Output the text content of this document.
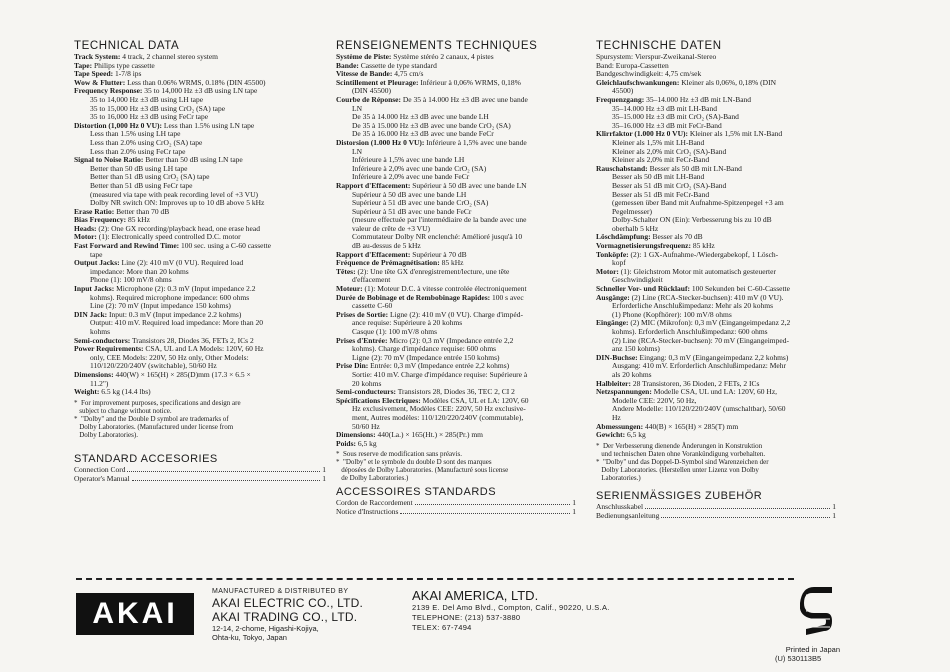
TECHNICAL DATA
Track System: 4 track, 2 channel stereo system
Tape: Philips type cassette
Tape Speed: 1-7/8 ips
Wow & Flutter: Less than 0.06% WRMS, 0.18% (DIN 45500)
Frequency Response: 35 to 14,000 Hz ±3 dB using LN tape
35 to 14,000 Hz ±3 dB using LH tape
35 to 15,000 Hz ±3 dB using CrO₂ (SA) tape
35 to 16,000 Hz ±3 dB using FeCr tape
Distortion (1,000 Hz 0 VU): Less than 1.5% using LN tape
Less than 1.5% using LH tape
Less than 2.0% using CrO₂ (SA) tape
Less than 2.0% using FeCr tape
Signal to Noise Ratio: Better than 50 dB using LN tape
Better than 50 dB using LH tape
Better than 51 dB using CrO₂ (SA) tape
Better than 51 dB using FeCr tape
(measured via tape with peak recording level of +3 VU)
Dolby NR switch ON: Improves up to 10 dB above 5 kHz
Erase Ratio: Better than 70 dB
Bias Frequency: 85 kHz
Heads: (2): One GX recording/playback head, one erase head
Motor: (1): Electronically speed controlled D.C. motor
Fast Forward and Rewind Time: 100 sec. using a C-60 cassette
tape
Output Jacks: Line (2): 410 mV (0 VU). Required load
impedance: More than 20 kohms
Phone (1): 100 mV/8 ohms
Input Jacks: Microphone (2): 0.3 mV (Input impedance 2.2
kohms). Required microphone impedance: 600 ohms
Line (2): 70 mV (Input impedance 150 kohms)
DIN Jack: Input: 0.3 mV (Input impedance 2.2 kohms)
Output: 410 mV. Required load impedance: More than 20
kohms
Semi-conductors: Transistors 28, Diodes 36, FETs 2, ICs 2
Power Requirements: CSA, UL and LA Models: 120V, 60 Hz
only, CEE Models: 220V, 50 Hz only, Other Models:
110/120/220/240V (switchable), 50/60 Hz
Dimensions: 440(W) × 165(H) × 285(D)mm (17.3 × 6.5 ×
11.2")
Weight: 6.5 kg (14.4 lbs)
*  For improvement purposes, specifications and design are
subject to change without notice.
*  "Dolby" and the Double D symbol are trademarks of
Dolby Laboratories. (Manufactured under license from
Dolby Laboratories).
STANDARD ACCESORIES
Connection Cord	1
Operator's Manual	1
RENSEIGNEMENTS TECHNIQUES
Système de Piste: Système stéréo 2 canaux, 4 pistes
Bande: Cassette de type standard
Vitesse de Bande: 4,75 cm/s
Scintillement et Pleurage: Inférieur à 0,06% WRMS, 0,18%
(DIN 45500)
Courbe de Réponse: De 35 à 14.000 Hz ±3 dB avec une bande
LN
De 35 à 14.000 Hz ±3 dB avec une bande LH
De 35 à 15.000 Hz ±3 dB avec une bande CrO₂ (SA)
De 35 à 16.000 Hz ±3 dB avec une bande FeCr
Distorsion (1.000 Hz 0 VU): Inférieure à 1,5% avec une bande
LN
Inférieure à 1,5% avec une bande LH
Inférieure à 2,0% avec une bande CrO₂ (SA)
Inférieure à 2,0% avec une bande FeCr
Rapport d'Effacement: Supérieur à 50 dB avec une bande LN
Supérieur à 50 dB avec une bande LH
Supérieur à 51 dB avec une bande CrO₂ (SA)
Supérieur à 51 dB avec une bande FeCr
(mesure effectuée par l'intermédiaire de la bande avec une
valeur de crête de +3 VU)
Commutateur Dolby NR enclenché: Amélioré jusqu'à 10
dB au-dessus de 5 kHz
Rapport d'Effacement: Supérieur à 70 dB
Fréquence de Prémagnétisation: 85 kHz
Têtes: (2): Une tête GX d'enregistrement/lecture, une tête
d'effacement
Moteur: (1): Moteur D.C. à vitesse controlée électroniquement
Durée de Bobinage et de Rembobinage Rapides: 100 s avec
cassette C-60
Prises de Sortie: Ligne (2): 410 mV (0 VU). Charge d'impéd-
ance requise: Supérieure à 20 kohms
Casque (1): 100 mV/8 ohms
Prises d'Entrée: Micro (2): 0,3 mV (Impedance entrée 2,2
kohms). Charge d'impédance requise: 600 ohms
Ligne (2): 70 mV (Impedance entrée 150 kohms)
Prise Din: Entrée: 0,3 mV (Impedance entrée 2,2 kohms)
Sortie: 410 mV. Charge d'impédance requise: Supérieure à
20 kohms
Semi-conducteurs: Transistors 28, Diodes 36, TEC 2, CI 2
Spécifications Electriques: Modèles CSA, UL et LA: 120V, 60
Hz exclusivement, Modèles CEE: 220V, 50 Hz exclusive-
ment, Autres modèles: 110/120/220/240V (commutable),
50/60 Hz
Dimensions: 440(La.) × 165(Ht.) × 285(Pr.) mm
Poids: 6,5 kg
*  Sous reserve de modification sans préavis.
*  "Dolby" et le symbole du double D sont des marques
déposées de Dolby Laboratories. (Manufacturé sous license
de Dolby Laboratories.)
ACCESSOIRES STANDARDS
Cordon de Raccordement	1
Notice d'Instructions	1
TECHNISCHE DATEN
Spursystem: Vierspur-Zweikanal-Stereo
Band: Europa-Cassetten
Bandgeschwindigkeit: 4,75 cm/sek
Gleichlaufschwankungen: Kleiner als 0,06%, 0,18% (DIN
45500)
Frequenzgang: 35–14.000 Hz ±3 dB mit LN-Band
35–14.000 Hz ±3 dB mit LH-Band
35–15.000 Hz ±3 dB mit CrO₂ (SA)-Band
35–16.000 Hz ±3 dB mit FeCr-Band
Klirrfaktor (1.000 Hz 0 VU): Kleiner als 1,5% mit LN-Band
Kleiner als 1,5% mit LH-Band
Kleiner als 2,0% mit CrO₂ (SA)-Band
Kleiner als 2,0% mit FeCr-Band
Rauschabstand: Besser als 50 dB mit LN-Band
Besser als 50 dB mit LH-Band
Besser als 51 dB mit CrO₂ (SA)-Band
Besser als 51 dB mit FeCr-Band
(gemessen über Band mit Aufnahme-Spitzenpegel +3 am
Pegelmesser)
Dolby-Schalter ON (Ein): Verbesserung bis zu 10 dB
oberhalb 5 kHz
Löschdämpfung: Besser als 70 dB
Vormagnetisierungsfrequenz: 85 kHz
Tonköpfe: (2): 1 GX-Aufnahme-/Wiedergabekopf, 1 Lösch-
kopf
Motor: (1): Gleichstrom Motor mit automatisch gesteuerter
Geschwindigkeit
Schneller Vor- und Rücklauf: 100 Sekunden bei C-60-Cassette
Ausgänge: (2) Line (RCA-Stecker-buchsen): 410 mV (0 VU).
Erforderliche Anschlußimpedanz: Mehr als 20 kohms
(1) Phone (Kopfhörer): 100 mV/8 ohms
Eingänge: (2) MIC (Mikrofon): 0,3 mV (Eingangeimpedanz 2,2
kohms). Erforderlich Anschlußimpedanz: 600 ohms
(2) Line (RCA-Stecker-buchsen): 70 mV (Eingangeimped-
anz 150 kohms)
DIN-Buchse: Eingang: 0,3 mV (Eingangeimpedanz 2,2 kohms)
Ausgang: 410 mV. Erforderlich Anschlußimpedanz: Mehr
als 20 kohms
Halbleiter: 28 Transistoren, 36 Dioden, 2 FETs, 2 ICs
Netzspannungen: Modelle CSA, UL und LA: 120V, 60 Hz,
Modelle CEE: 220V, 50 Hz,
Andere Modelle: 110/120/220/240V (umschaltbar), 50/60
Hz
Abmessungen: 440(B) × 165(H) × 285(T) mm
Gewicht: 6,5 kg
*  Der Verbesserung dienende Änderungen in Konstruktion
und technischen Daten ohne Vorankündigung vorbehalten.
*  "Dolby" und das Doppel-D-Symbol sind Warenzeichen der
Dolby Laboratories. (Herstellen unter Lizenz von Dolby
Laboratories.)
SERIENMÄSSIGES ZUBEHÖR
Anschlusskabel	1
Bedienungsanleitung	1
AKAI
MANUFACTURED & DISTRIBUTED BY
AKAI ELECTRIC CO., LTD.
AKAI TRADING CO., LTD.
12-14, 2-chome, Higashi-Kojiya,
Ohta-ku, Tokyo, Japan
AKAI AMERICA, LTD.
2139 E. Del Amo Blvd., Compton, Calif., 90220, U.S.A.
TELEPHONE: (213) 537-3880
TELEX: 67-7494
Printed in Japan
(U) 530113B5
